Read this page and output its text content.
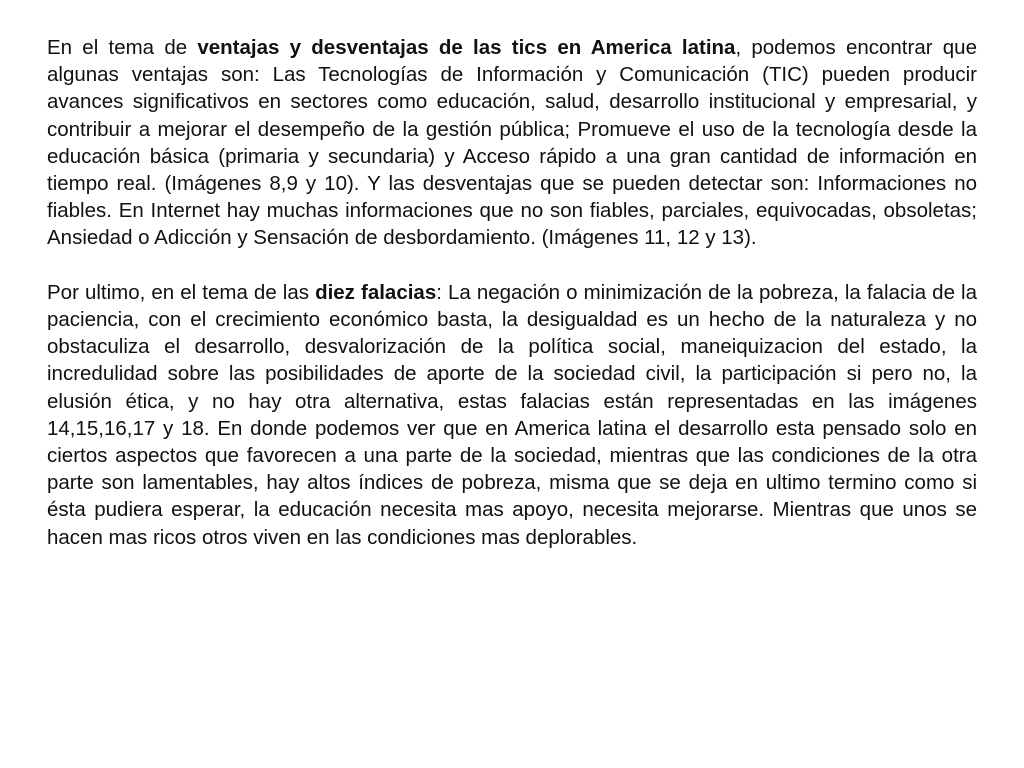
En el tema de ventajas y desventajas de las tics en America latina, podemos encontrar que algunas ventajas son: Las Tecnologías de Información y Comunicación (TIC) pueden producir avances significativos en sectores como educación, salud, desarrollo institucional y empresarial, y contribuir a mejorar el desempeño de la gestión pública; Promueve el uso de la tecnología desde la educación básica (primaria y secundaria) y Acceso rápido a una gran cantidad de información en tiempo real. (Imágenes 8,9 y 10). Y las desventajas que se pueden detectar son: Informaciones no fiables. En Internet hay muchas informaciones que no son fiables, parciales, equivocadas, obsoletas; Ansiedad o Adicción y Sensación de desbordamiento. (Imágenes 11, 12 y 13).

Por ultimo, en el tema de las diez falacias: La negación o minimización de la pobreza, la falacia de la paciencia, con el crecimiento económico basta, la desigualdad es un hecho de la naturaleza y no obstaculiza el desarrollo, desvalorización de la política social, maneiquizacion del estado, la incredulidad sobre las posibilidades de aporte de la sociedad civil, la participación si pero no, la elusión ética, y no hay otra alternativa, estas falacias están representadas en las imágenes 14,15,16,17 y 18. En donde podemos ver que en America latina el desarrollo esta pensado solo en ciertos aspectos que favorecen a una parte de la sociedad, mientras que las condiciones de la otra parte son lamentables, hay altos índices de pobreza, misma que se deja en ultimo termino como si ésta pudiera esperar, la educación necesita mas apoyo, necesita mejorarse. Mientras que unos se hacen mas ricos otros viven en las condiciones mas deplorables.
